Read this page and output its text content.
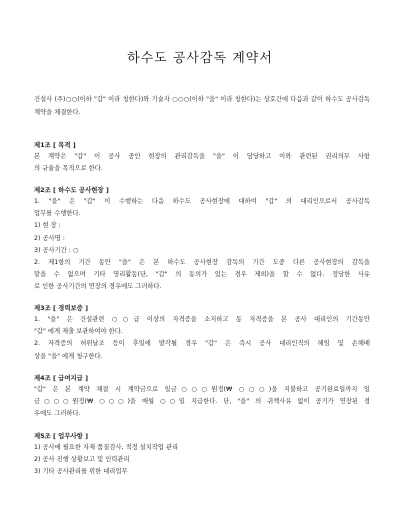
하수도 공사감독 계약서
건설사 (주)○○(이하 "갑" 이라 칭한다)와 기술자 ○○○(이하 "을" 이라 칭한다)는 상호간에 다음과 같이 하수도 공사감독 계약을 체결한다.
제1조 [ 목적 ]
본 계약은 "갑" 이 공사 중인 현장의 관리감독을 "을" 이 담당하고 이와 관련된 권리의무 사항
의 규율을 목적으로 한다.
제2조 [ 하수도 공사현장 ]
1. "을" 은 "갑" 이 수행하는 다음 하수도 공사현장에 대하여 "갑" 의 대리인으로서 공사감독
업무를 수행한다.
1) 현 장 :
2) 공사명 :
3) 공사기간 : ○
2. 제1항의 기간 동안 "을" 은 본 하수도 공사현장 감독의 기간 도중 다른 공사현장의 감독을
맡을 수 없으며 기타 영리활동(단, "갑" 의 동의가 있는 경우 제외)을 할 수 없다. 정당한 사유
로 인한 공사기간의 연장의 경우에도 그러하다.
제3조 [ 경력보증 ]
1. "을" 은 건설관련 ○○급 이상의 자격증을 소지하고 동 자격증을 본 공사 대리인의 기간동안
"갑" 에게 제출 보관하여야 한다.
2. 자격증의 허위날조 등이 후일에 발각될 경우 "갑" 은 즉시 공사 대리인직의 해임 및 손해배
상을 "을" 에게 청구한다.
제4조 [ 급여지급 ]
"갑" 은 본 계약 체결 시 계약금으로 일금○○○원정(₩ ○○○)을 지불하고 공기완료일까지 일
금○○○원정(₩ ○○○)을 매월 ○○일 지급한다. 단, "을" 의 귀책사유 없이 공기가 연장된 경
우에도 그러하다.
제5조 [ 업무사항 ]
1) 공사에 필요한 자재 품질검사, 적정 설치작업 관리
2) 공사 진행 상황보고 및 인력관리
3) 기타 공사관리를 위한 대리업무
